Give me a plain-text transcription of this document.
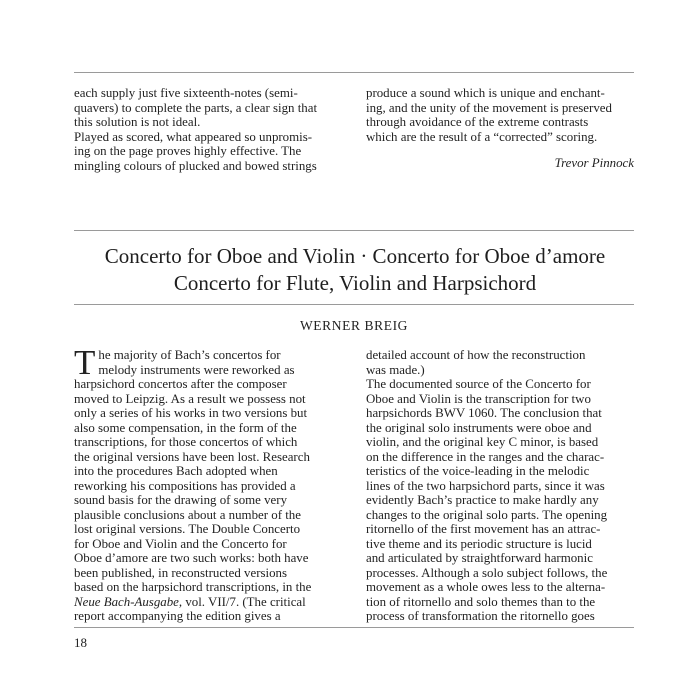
each supply just five sixteenth-notes (semi-

quavers) to complete the parts, a clear sign that

this solution is not ideal.

Played as scored, what appeared so unpromis-

ing on the page proves highly effective. The

mingling colours of plucked and bowed strings

produce a sound which is unique and enchant-

ing, and the unity of the movement is preserved

through avoidance of the extreme contrasts

which are the result of a “corrected” scoring.

Trevor Pinnock

Concerto for Oboe and Violin · Concerto for Oboe d’amore
Concerto for Flute, Violin and Harpsichord
WERNER BREIG
T he majority of Bach’s concertos for

melody instruments were reworked as

harpsichord concertos after the composer

moved to Leipzig. As a result we possess not

only a series of his works in two versions but

also some compensation, in the form of the

transcriptions, for those concertos of which

the original versions have been lost. Research

into the procedures Bach adopted when

reworking his compositions has provided a

sound basis for the drawing of some very

plausible conclusions about a number of the

lost original versions. The Double Concerto

for Oboe and Violin and the Concerto for

Oboe d’amore are two such works: both have

been published, in reconstructed versions

based on the harpsichord transcriptions, in the

Neue Bach-Ausgabe, vol. VII/7. (The critical

report accompanying the edition gives a

detailed account of how the reconstruction

was made.)

The documented source of the Concerto for

Oboe and Violin is the transcription for two

harpsichords BWV 1060. The conclusion that

the original solo instruments were oboe and

violin, and the original key C minor, is based

on the difference in the ranges and the charac-

teristics of the voice-leading in the melodic

lines of the two harpsichord parts, since it was

evidently Bach’s practice to make hardly any

changes to the original solo parts. The opening

ritornello of the first movement has an attrac-

tive theme and its periodic structure is lucid

and articulated by straightforward harmonic

processes. Although a solo subject follows, the

movement as a whole owes less to the alterna-

tion of ritornello and solo themes than to the

process of transformation the ritornello goes

18
